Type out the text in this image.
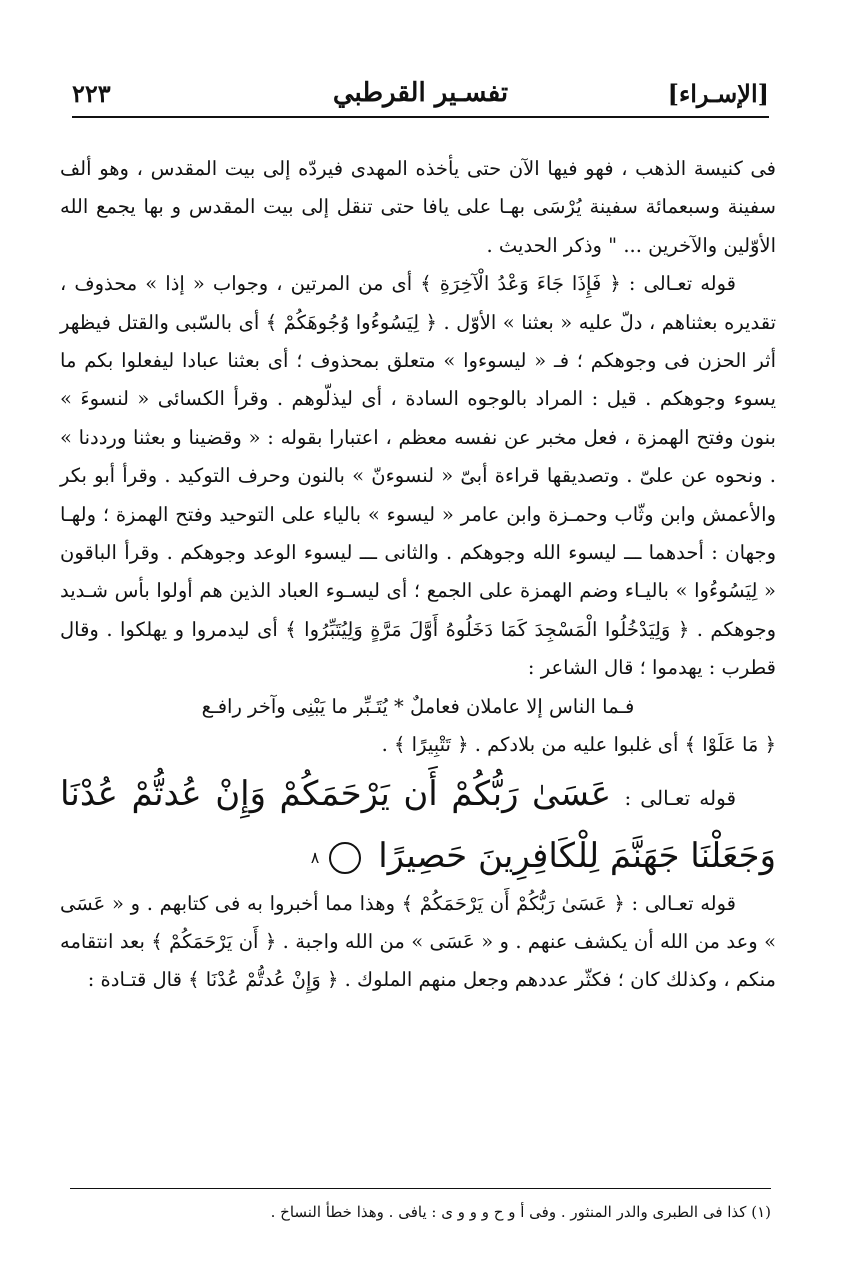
[الإسـراء]
تفسـير القرطبي
٢٢٣

فى كنيسة الذهب ، فهو فيها الآن حتى يأخذه المهدى فيردّه إلى بيت المقدس ، وهو ألف سفينة وسبعمائة سفينة يُرْسَى بهـا على يافا حتى تنقل إلى بيت المقدس و بها يجمع الله الأوّلين والآخرين ... " وذكر الحديث .

قوله تعـالى : ﴿ فَإِذَا جَاءَ وَعْدُ الْآخِرَةِ ﴾ أى من المرتين ، وجواب « إذا » محذوف ، تقديره بعثناهم ، دلّ عليه « بعثنا » الأوّل . ﴿ لِيَسُوءُوا وُجُوهَكُمْ ﴾ أى بالسّبى والقتل فيظهر أثر الحزن فى وجوهكم ؛ فـ « ليسوءوا » متعلق بمحذوف ؛ أى بعثنا عبادا ليفعلوا بكم ما يسوء وجوهكم . قيل : المراد بالوجوه السادة ، أى ليذلّوهم . وقرأ الكسائى « لنسوءَ » بنون وفتح الهمزة ، فعل مخبر عن نفسه معظم ، اعتبارا بقوله : « وقضينا و بعثنا ورددنا » . ونحوه عن علىّ . وتصديقها قراءة أبىّ « لنسوءنّ » بالنون وحرف التوكيد . وقرأ أبو بكر والأعمش وابن وثّاب وحمـزة وابن عامر « ليسوء » بالياء على التوحيد وفتح الهمزة ؛ ولهـا وجهان : أحدهما ـــ ليسوء الله وجوهكم . والثانى ـــ ليسوء الوعد وجوهكم . وقرأ الباقون « لِيَسُوءُوا » باليـاء وضم الهمزة على الجمع ؛ أى ليسـوء العباد الذين هم أولوا بأس شـديد وجوهكم . ﴿ وَلِيَدْخُلُوا الْمَسْجِدَ كَمَا دَخَلُوهُ أَوَّلَ مَرَّةٍ وَلِيُتَبِّرُوا ﴾ أى ليدمروا و يهلكوا . وقال قطرب : يهدموا ؛ قال الشاعر :

فـما الناس إلا عاملان فعاملٌ * يُتَـبِّر ما يَبْنِى وآخر رافـع

﴿ مَا عَلَوْا ﴾ أى غلبوا عليه من بلادكم . ﴿ تَتْبِيرًا ﴾ .

قوله تعـالى : عَسَىٰ رَبُّكُمْ أَن يَرْحَمَكُمْ وَإِنْ عُدتُّمْ عُدْنَا وَجَعَلْنَا جَهَنَّمَ لِلْكَافِرِينَ حَصِيرًا ٨

قوله تعـالى : ﴿ عَسَىٰ رَبُّكُمْ أَن يَرْحَمَكُمْ ﴾ وهذا مما أخبروا به فى كتابهم . و « عَسَى » وعد من الله أن يكشف عنهم . و « عَسَى » من الله واجبة . ﴿ أَن يَرْحَمَكُمْ ﴾ بعد انتقامه منكم ، وكذلك كان ؛ فكثّر عددهم وجعل منهم الملوك . ﴿ وَإِنْ عُدتُّمْ عُدْنَا ﴾ قال قتـادة :

(١) كذا فى الطبرى والدر المنثور . وفى أ و ح و و و ى : يافى . وهذا خطأ النساخ .
